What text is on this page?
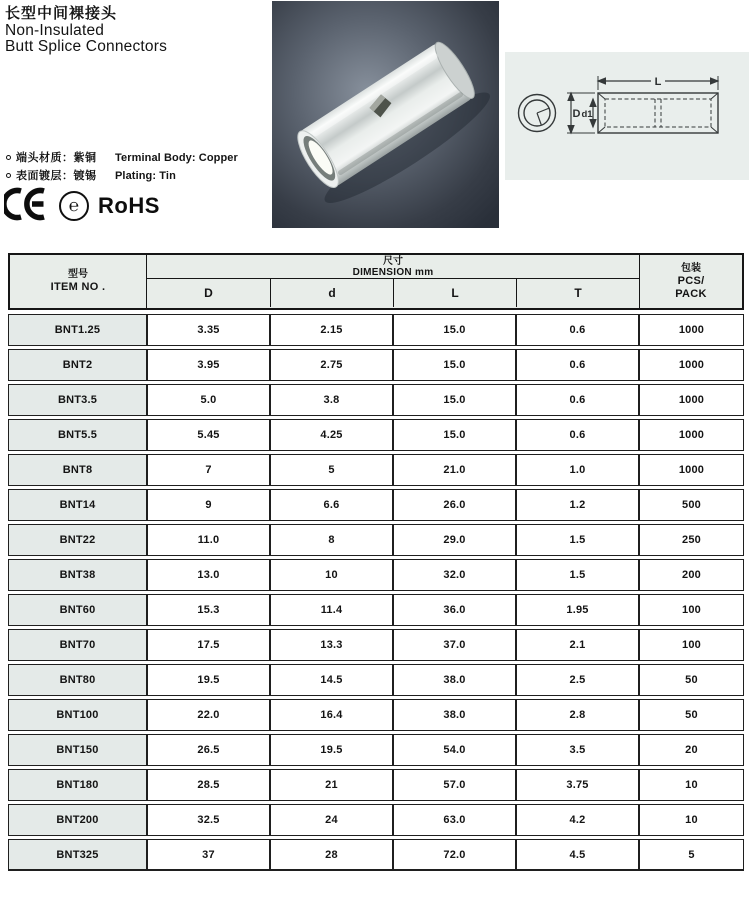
长型中间裸接头
Non-Insulated
Butt Splice Connectors
端头材质：紫铜 Terminal Body: Copper
表面镀层：镀锡 Plating: Tin
℮ RoHS
L
D d1
型号
ITEM NO .
尺寸
DIMENSION mm
D	d	L	T
包装
PCS/
PACK
BNT1.25	3.35	2.15	15.0	0.6	1000
BNT2	3.95	2.75	15.0	0.6	1000
BNT3.5	5.0	3.8	15.0	0.6	1000
BNT5.5	5.45	4.25	15.0	0.6	1000
BNT8	7	5	21.0	1.0	1000
BNT14	9	6.6	26.0	1.2	500
BNT22	11.0	8	29.0	1.5	250
BNT38	13.0	10	32.0	1.5	200
BNT60	15.3	11.4	36.0	1.95	100
BNT70	17.5	13.3	37.0	2.1	100
BNT80	19.5	14.5	38.0	2.5	50
BNT100	22.0	16.4	38.0	2.8	50
BNT150	26.5	19.5	54.0	3.5	20
BNT180	28.5	21	57.0	3.75	10
BNT200	32.5	24	63.0	4.2	10
BNT325	37	28	72.0	4.5	5
